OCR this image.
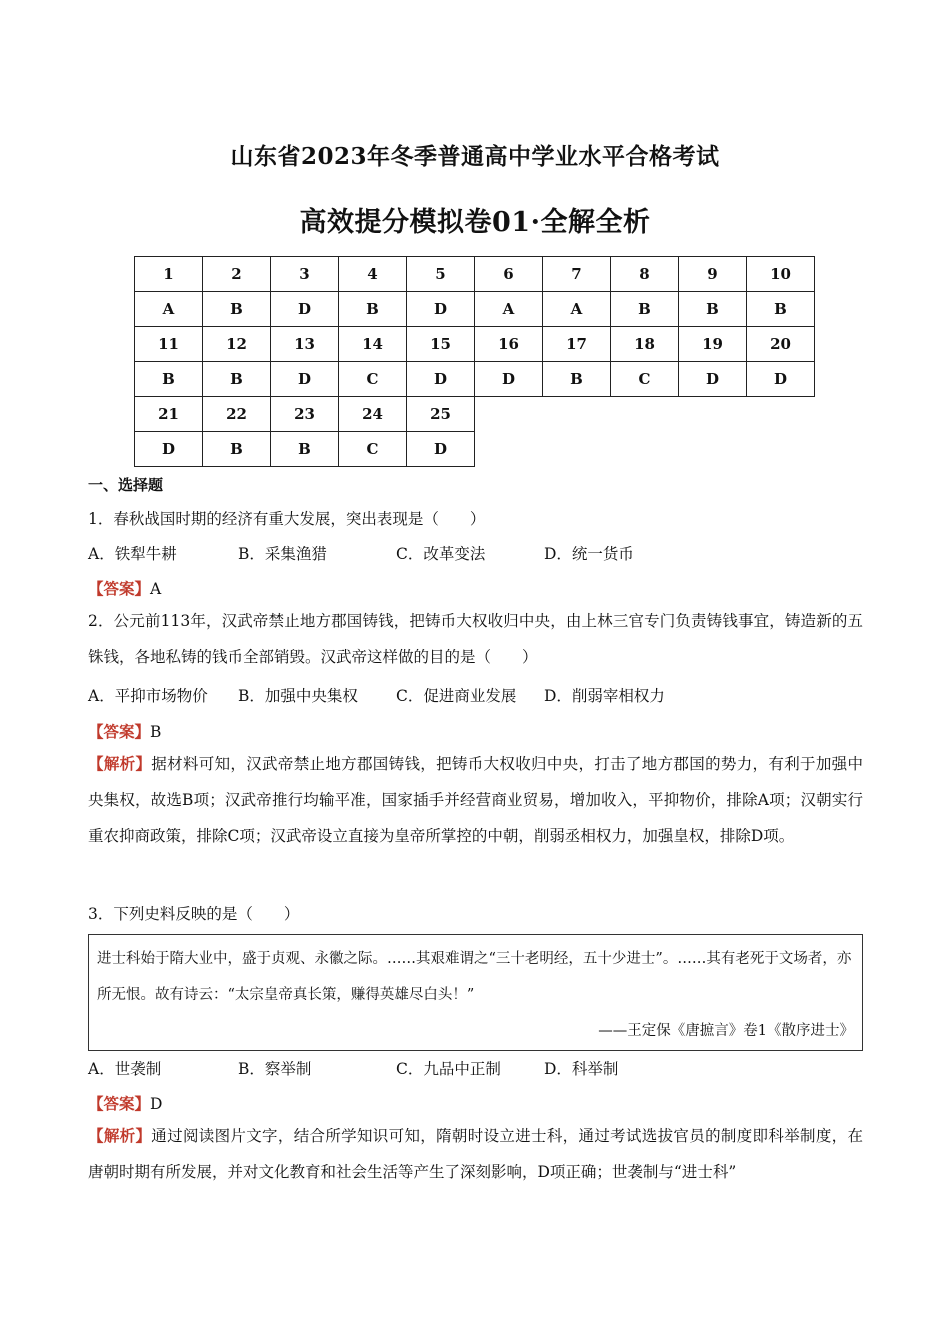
山东省2023年冬季普通高中学业水平合格考试
高效提分模拟卷01·全解全析
1	2	3	4	5	6	7	8	9	10
A	B	D	B	D	A	A	B	B	B
11	12	13	14	15	16	17	18	19	20
B	B	D	C	D	D	B	C	D	D
21	22	23	24	25					
D	B	B	C	D					
一、选择题
1．春秋战国时期的经济有重大发展，突出表现是（　　）
A．铁犁牛耕	B．采集渔猎	C．改革变法	D．统一货币
【答案】A
2．公元前113年，汉武帝禁止地方郡国铸钱，把铸币大权收归中央，由上林三官专门负责铸钱事宜，铸造新的五铢钱，各地私铸的钱币全部销毁。汉武帝这样做的目的是（　　）
A．平抑市场物价 B．加强中央集权 C．促进商业发展 D．削弱宰相权力
【答案】B
【解析】据材料可知，汉武帝禁止地方郡国铸钱，把铸币大权收归中央，打击了地方郡国的势力，有利于加强中央集权，故选B项；汉武帝推行均输平准，国家插手并经营商业贸易，增加收入，平抑物价，排除A项；汉朝实行重农抑商政策，排除C项；汉武帝设立直接为皇帝所掌控的中朝，削弱丞相权力，加强皇权，排除D项。
3．下列史料反映的是（　　）
进士科始于隋大业中，盛于贞观、永徽之际。……其艰难谓之“三十老明经，五十少进士”。……其有老死于文场者，亦所无恨。故有诗云：“太宗皇帝真长策，赚得英雄尽白头！”
——王定保《唐摭言》卷1《散序进士》
A．世袭制	B．察举制	C．九品中正制	D．科举制
【答案】D
【解析】通过阅读图片文字，结合所学知识可知，隋朝时设立进士科，通过考试选拔官员的制度即科举制度，在唐朝时期有所发展，并对文化教育和社会生活等产生了深刻影响，D项正确；世袭制与“进士科”
